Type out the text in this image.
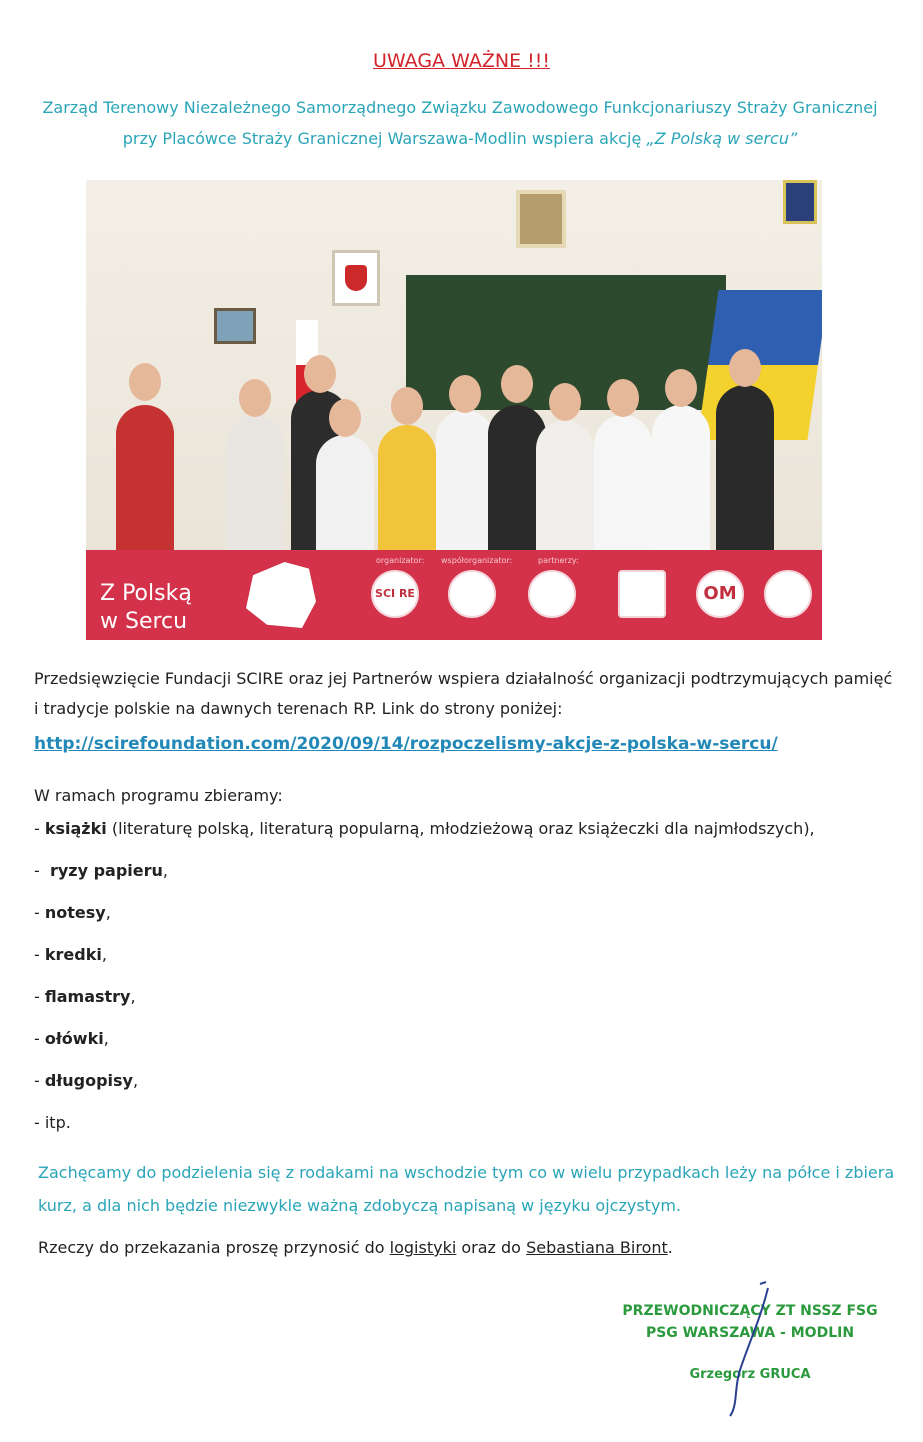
UWAGA WAŻNE !!!
Zarząd Terenowy Niezależnego Samorządnego Związku Zawodowego Funkcjonariuszy Straży Granicznej przy Placówce Straży Granicznej Warszawa-Modlin wspiera akcję „Z Polską w sercu”
Z Polską
w Sercu
organizator: współorganizator:	partnerzy:
SCI RE	OM
Przedsięwzięcie Fundacji SCIRE oraz jej Partnerów wspiera działalność organizacji podtrzymujących pamięć i tradycje polskie na dawnych terenach RP. Link do strony poniżej:
http://scirefoundation.com/2020/09/14/rozpoczelismy-akcje-z-polska-w-sercu/
W ramach programu zbieramy:
- książki (literaturę polską, literaturą popularną, młodzieżową oraz książeczki dla najmłodszych),
-  ryzy papieru,
- notesy,
- kredki,
- flamastry,
- ołówki,
- długopisy,
- itp.
Zachęcamy do podzielenia się z rodakami na wschodzie tym co w wielu przypadkach leży na półce i zbiera kurz, a dla nich będzie niezwykle ważną zdobyczą napisaną w języku ojczystym.
Rzeczy do przekazania proszę przynosić do logistyki oraz do Sebastiana Biront.
PRZEWODNICZĄCY ZT NSSZ FSG
PSG WARSZAWA - MODLIN
Grzegorz GRUCA
